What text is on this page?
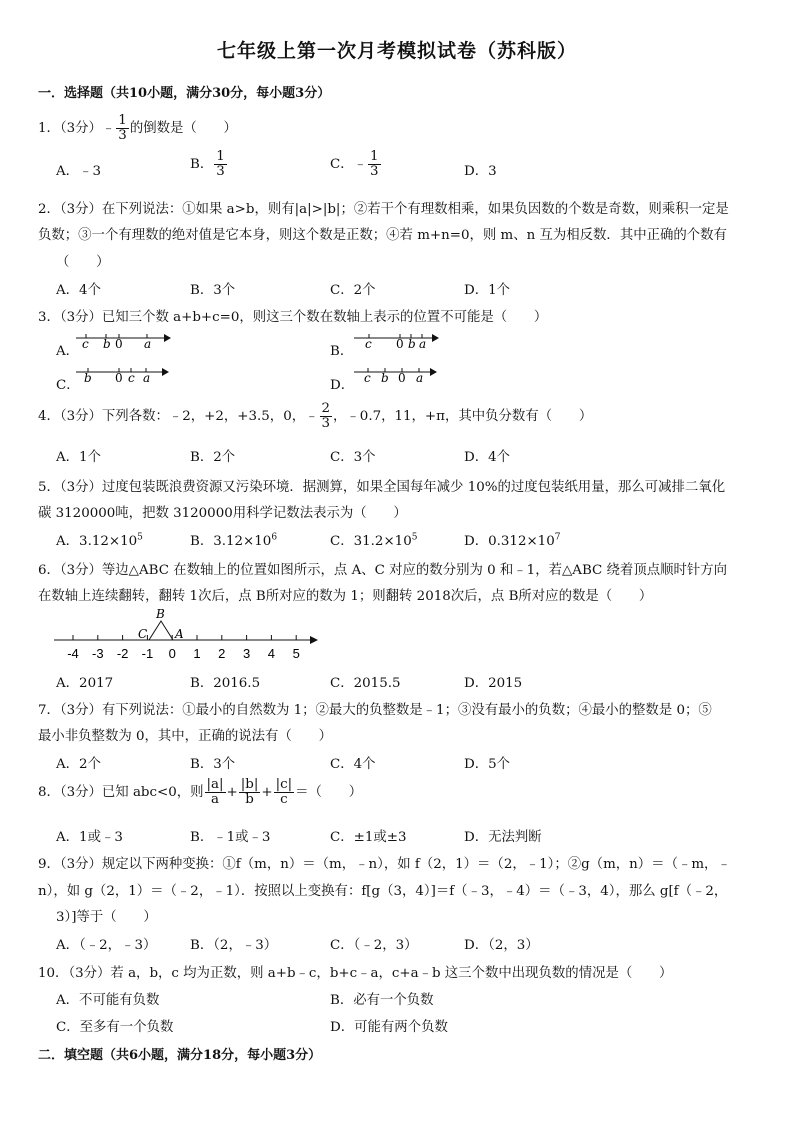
七年级上第一次月考模拟试卷（苏科版）
一．选择题（共10小题，满分30分，每小题3分）
1．（3分）﹣ $\frac{1}{3}$ 的倒数是（　　）
A．﹣3	B． $\frac{1}{3}$	C．﹣ $\frac{1}{3}$	D．3
2．（3分）在下列说法：①如果 a>b，则有|a|>|b|；②若干个有理数相乘，如果负因数的个数是奇数，则乘积一定是
负数；③一个有理数的绝对值是它本身，则这个数是正数；④若 m+n=0，则 m、n 互为相反数．其中正确的个数有
（　　）
A．4个	B．3个	C．2个	D．1个
3．（3分）已知三个数 a+b+c=0，则这三个数在数轴上表示的位置不可能是（　　）
A． c b 0 a	B． c 0 b a
C． b 0 c a	D． c b 0 a
4．（3分）下列各数：﹣2，+2，+3.5，0，﹣ $\frac{2}{3}$ ，﹣0.7，11，+π，其中负分数有（　　）
A．1个	B．2个	C．3个	D．4个
5．（3分）过度包装既浪费资源又污染环境．据测算，如果全国每年减少 10%的过度包装纸用量，那么可减排二氧化
碳 3120000吨，把数 3120000用科学记数法表示为（　　）
A．$3.12\times 10^5$	B．$3.12\times 10^6$	C．$31.2\times 10^5$	D．$0.312\times 10^7$
6．（3分）等边△ABC 在数轴上的位置如图所示，点 A、C 对应的数分别为 0 和﹣1，若△ABC 绕着顶点顺时针方向
在数轴上连续翻转，翻转 1次后，点 B所对应的数为 1；则翻转 2018次后，点 B所对应的数是（　　）
B
C A
-4 -3 -2 -1 0 1 2 3 4 5
A．2017	B．2016.5	C．2015.5	D．2015
7．（3分）有下列说法：①最小的自然数为 1；②最大的负整数是﹣1；③没有最小的负数；④最小的整数是 0；⑤
最小非负整数为 0，其中，正确的说法有（　　）
A．2个	B．3个	C．4个	D．5个
8．（3分）已知 abc<0，则 $\frac{|a|}{a} + \frac{|b|}{b} + \frac{|c|}{c}$ ＝（　　）
A．1或﹣3	B．﹣1或﹣3	C．±1或±3	D．无法判断
9．（3分）规定以下两种变换：①f（m，n）＝（m，﹣n），如 f（2，1）＝（2，﹣1）；②g（m，n）＝（﹣m，﹣
n），如 g（2，1）＝（﹣2，﹣1）．按照以上变换有：f[g（3，4）]＝f（﹣3，﹣4）＝（﹣3，4），那么 g[f（﹣2，
3）]等于（　　）
A．（﹣2，﹣3）	B．（2，﹣3）	C．（﹣2，3）	D．（2，3）
10．（3分）若 a，b，c 均为正数，则 a+b﹣c，b+c﹣a，c+a﹣b 这三个数中出现负数的情况是（　　）
A．不可能有负数	B．必有一个负数
C．至多有一个负数	D．可能有两个负数
二．填空题（共6小题，满分18分，每小题3分）
